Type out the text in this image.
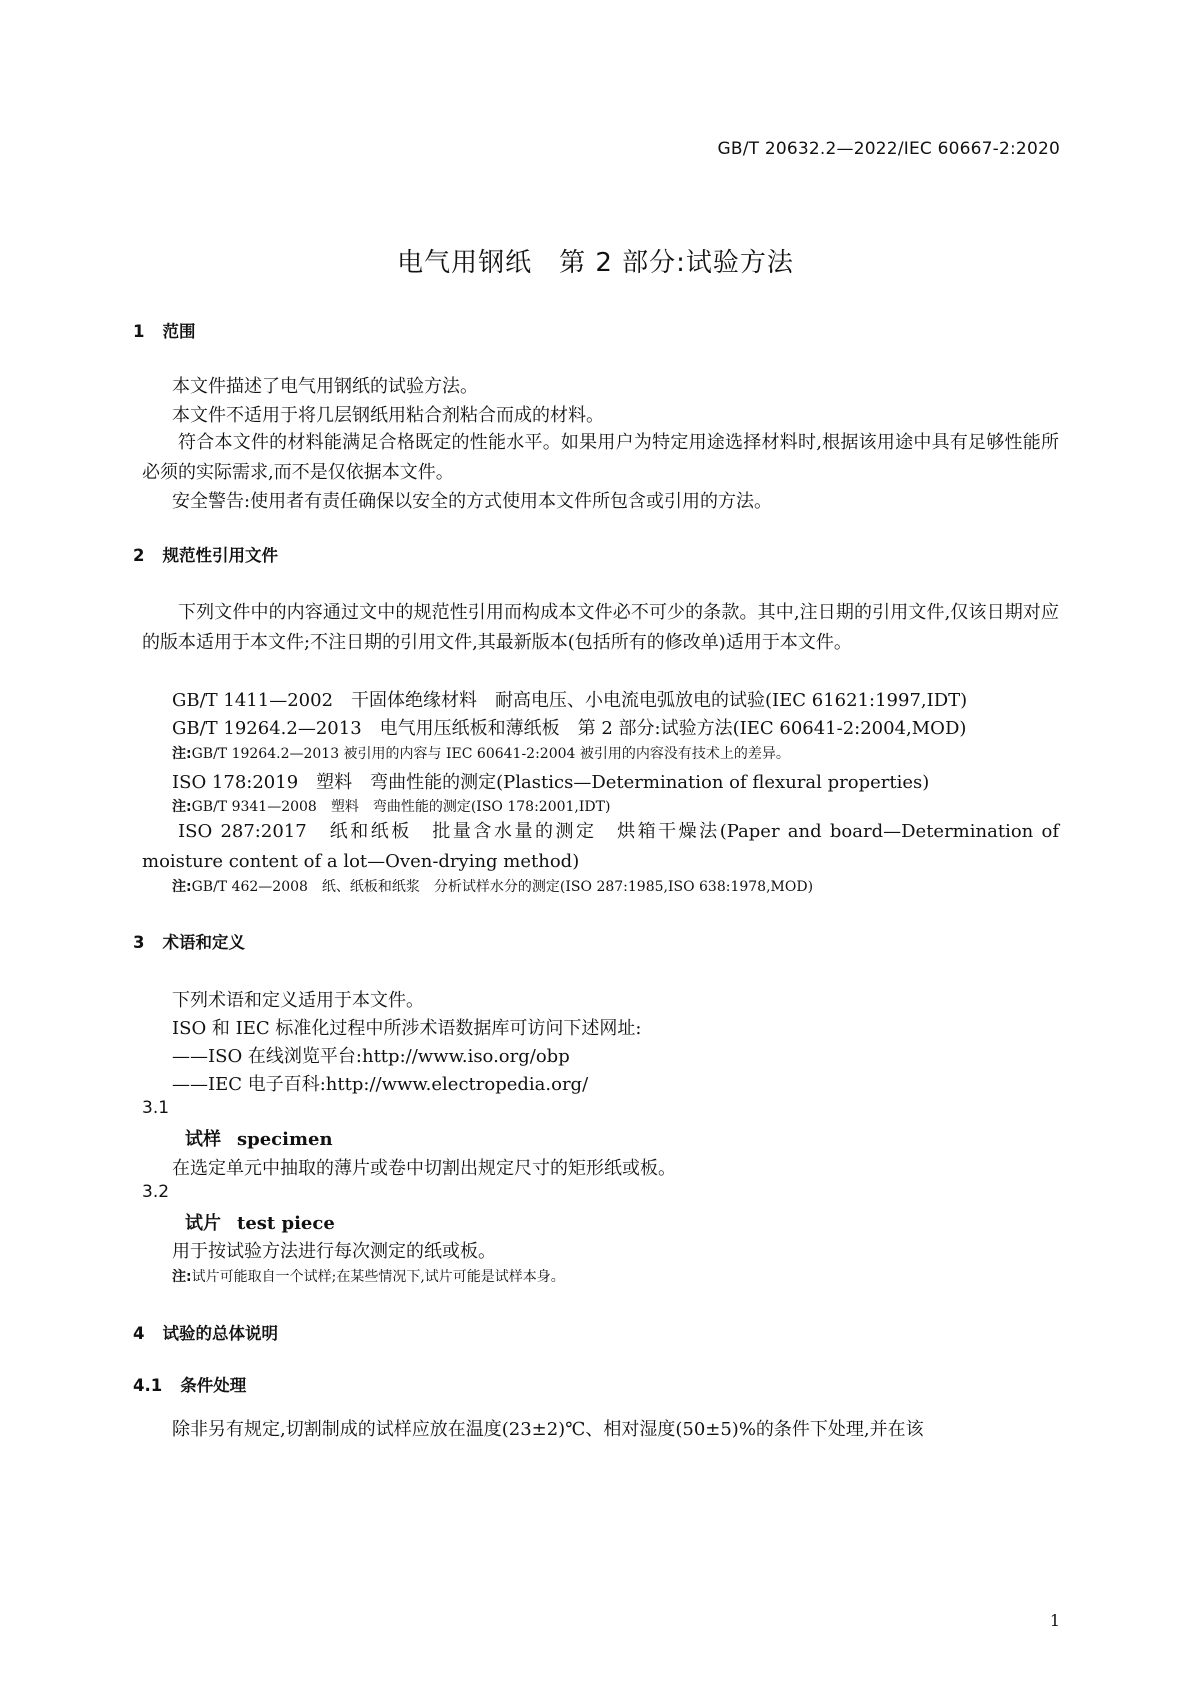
GB/T 20632.2—2022/IEC 60667-2:2020
电气用钢纸　第 2 部分:试验方法
1 范围
本文件描述了电气用钢纸的试验方法。
本文件不适用于将几层钢纸用粘合剂粘合而成的材料。
符合本文件的材料能满足合格既定的性能水平。如果用户为特定用途选择材料时,根据该用途中具有足够性能所必须的实际需求,而不是仅依据本文件。
安全警告:使用者有责任确保以安全的方式使用本文件所包含或引用的方法。
2 规范性引用文件
下列文件中的内容通过文中的规范性引用而构成本文件必不可少的条款。其中,注日期的引用文件,仅该日期对应的版本适用于本文件;不注日期的引用文件,其最新版本(包括所有的修改单)适用于本文件。
GB/T 1411—2002　干固体绝缘材料　耐高电压、小电流电弧放电的试验(IEC 61621:1997,IDT)
GB/T 19264.2—2013　电气用压纸板和薄纸板　第 2 部分:试验方法(IEC 60641-2:2004,MOD)
注:GB/T 19264.2—2013 被引用的内容与 IEC 60641-2:2004 被引用的内容没有技术上的差异。
ISO 178:2019　塑料　弯曲性能的测定(Plastics—Determination of flexural properties)
注:GB/T 9341—2008　塑料　弯曲性能的测定(ISO 178:2001,IDT)
ISO 287:2017　纸和纸板　批量含水量的测定　烘箱干燥法(Paper and board—Determination of moisture content of a lot—Oven-drying method)
注:GB/T 462—2008　纸、纸板和纸浆　分析试样水分的测定(ISO 287:1985,ISO 638:1978,MOD)
3 术语和定义
下列术语和定义适用于本文件。
ISO 和 IEC 标准化过程中所涉术语数据库可访问下述网址:
——ISO 在线浏览平台:http://www.iso.org/obp
——IEC 电子百科:http://www.electropedia.org/
3.1
试样 specimen
在选定单元中抽取的薄片或卷中切割出规定尺寸的矩形纸或板。
3.2
试片 test piece
用于按试验方法进行每次测定的纸或板。
注:试片可能取自一个试样;在某些情况下,试片可能是试样本身。
4 试验的总体说明
4.1 条件处理
除非另有规定,切割制成的试样应放在温度(23±2)℃、相对湿度(50±5)%的条件下处理,并在该
1
